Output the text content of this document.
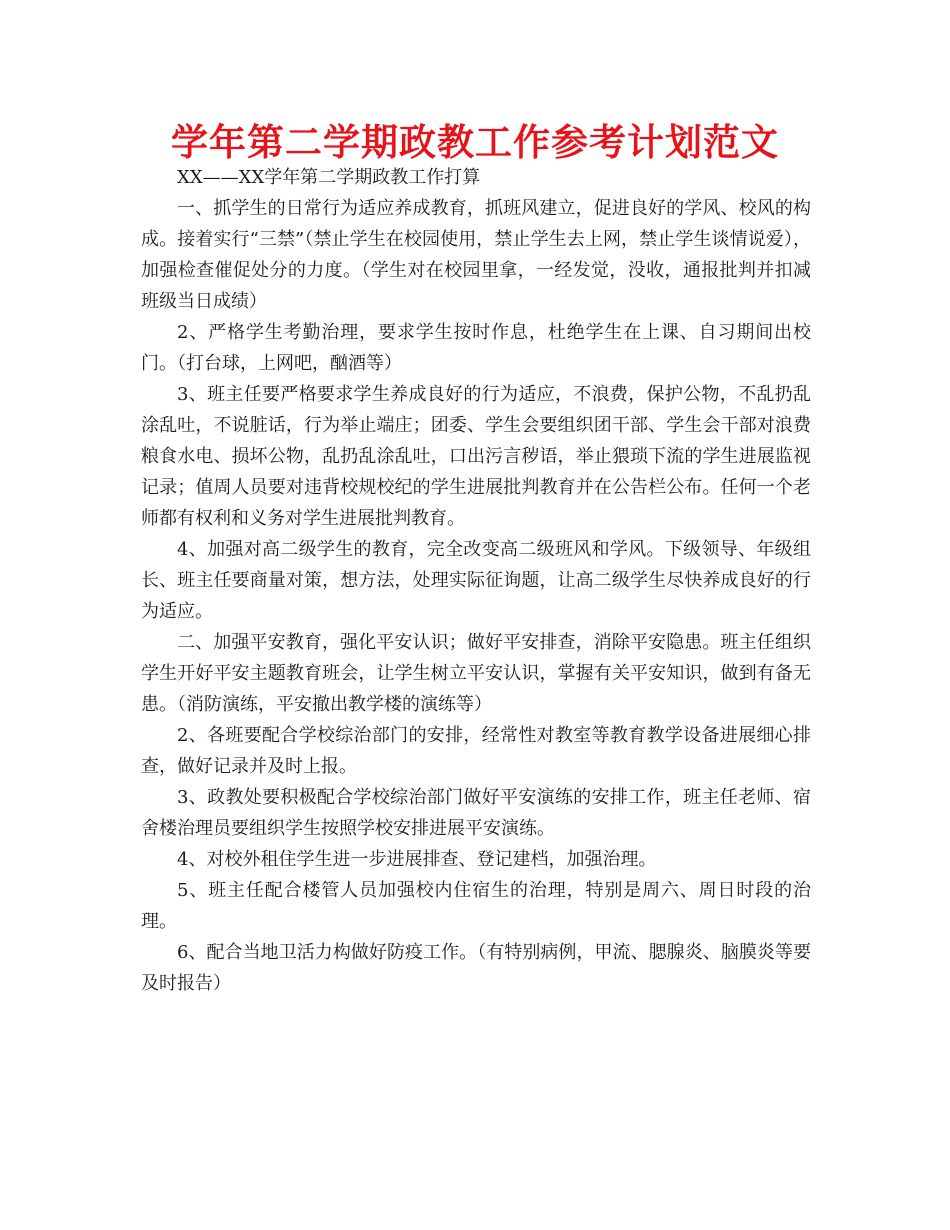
学年第二学期政教工作参考计划范文

XX——XX学年第二学期政教工作打算

一、抓学生的日常行为适应养成教育，抓班风建立，促进良好的学风、校风的构成。接着实行“三禁”（禁止学生在校园使用，禁止学生去上网，禁止学生谈情说爱），加强检查催促处分的力度。（学生对在校园里拿，一经发觉，没收，通报批判并扣减班级当日成绩）

2、严格学生考勤治理，要求学生按时作息，杜绝学生在上课、自习期间出校门。（打台球，上网吧，酗酒等）

3、班主任要严格要求学生养成良好的行为适应，不浪费，保护公物，不乱扔乱涂乱吐，不说脏话，行为举止端庄；团委、学生会要组织团干部、学生会干部对浪费粮食水电、损坏公物，乱扔乱涂乱吐，口出污言秽语，举止猥琐下流的学生进展监视记录；值周人员要对违背校规校纪的学生进展批判教育并在公告栏公布。任何一个老师都有权利和义务对学生进展批判教育。

4、加强对高二级学生的教育，完全改变高二级班风和学风。下级领导、年级组长、班主任要商量对策，想方法，处理实际征询题，让高二级学生尽快养成良好的行为适应。

二、加强平安教育，强化平安认识；做好平安排查，消除平安隐患。班主任组织学生开好平安主题教育班会，让学生树立平安认识，掌握有关平安知识，做到有备无患。（消防演练，平安撤出教学楼的演练等）

2、各班要配合学校综治部门的安排，经常性对教室等教育教学设备进展细心排查，做好记录并及时上报。

3、政教处要积极配合学校综治部门做好平安演练的安排工作，班主任老师、宿舍楼治理员要组织学生按照学校安排进展平安演练。

4、对校外租住学生进一步进展排查、登记建档，加强治理。

5、班主任配合楼管人员加强校内住宿生的治理，特别是周六、周日时段的治理。

6、配合当地卫活力构做好防疫工作。（有特别病例，甲流、腮腺炎、脑膜炎等要及时报告）
